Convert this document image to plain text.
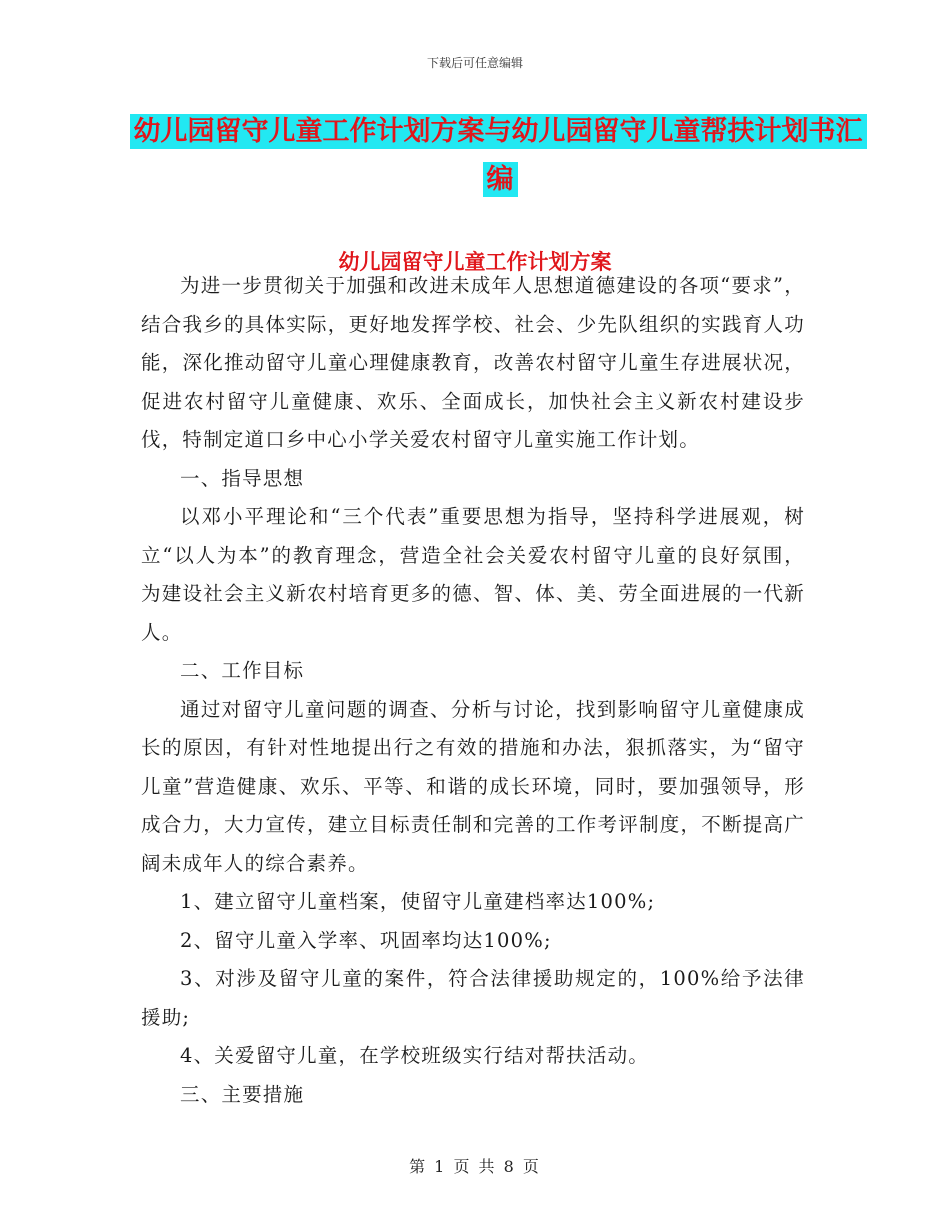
下载后可任意编辑
幼儿园留守儿童工作计划方案与幼儿园留守儿童帮扶计划书汇编
幼儿园留守儿童工作计划方案

为进一步贯彻关于加强和改进未成年人思想道德建设的各项“要求”，结合我乡的具体实际，更好地发挥学校、社会、少先队组织的实践育人功能，深化推动留守儿童心理健康教育，改善农村留守儿童生存进展状况，促进农村留守儿童健康、欢乐、全面成长，加快社会主义新农村建设步伐，特制定道口乡中心小学关爱农村留守儿童实施工作计划。

一、指导思想

以邓小平理论和“三个代表”重要思想为指导，坚持科学进展观，树立“以人为本”的教育理念，营造全社会关爱农村留守儿童的良好氛围，为建设社会主义新农村培育更多的德、智、体、美、劳全面进展的一代新人。

二、工作目标

通过对留守儿童问题的调查、分析与讨论，找到影响留守儿童健康成长的原因，有针对性地提出行之有效的措施和办法，狠抓落实，为“留守儿童”营造健康、欢乐、平等、和谐的成长环境，同时，要加强领导，形成合力，大力宣传，建立目标责任制和完善的工作考评制度，不断提高广阔未成年人的综合素养。

1、建立留守儿童档案，使留守儿童建档率达100%;

2、留守儿童入学率、巩固率均达100%;

3、对涉及留守儿童的案件，符合法律援助规定的，100%给予法律援助;

4、关爱留守儿童，在学校班级实行结对帮扶活动。

三、主要措施

第 1 页 共 8 页
